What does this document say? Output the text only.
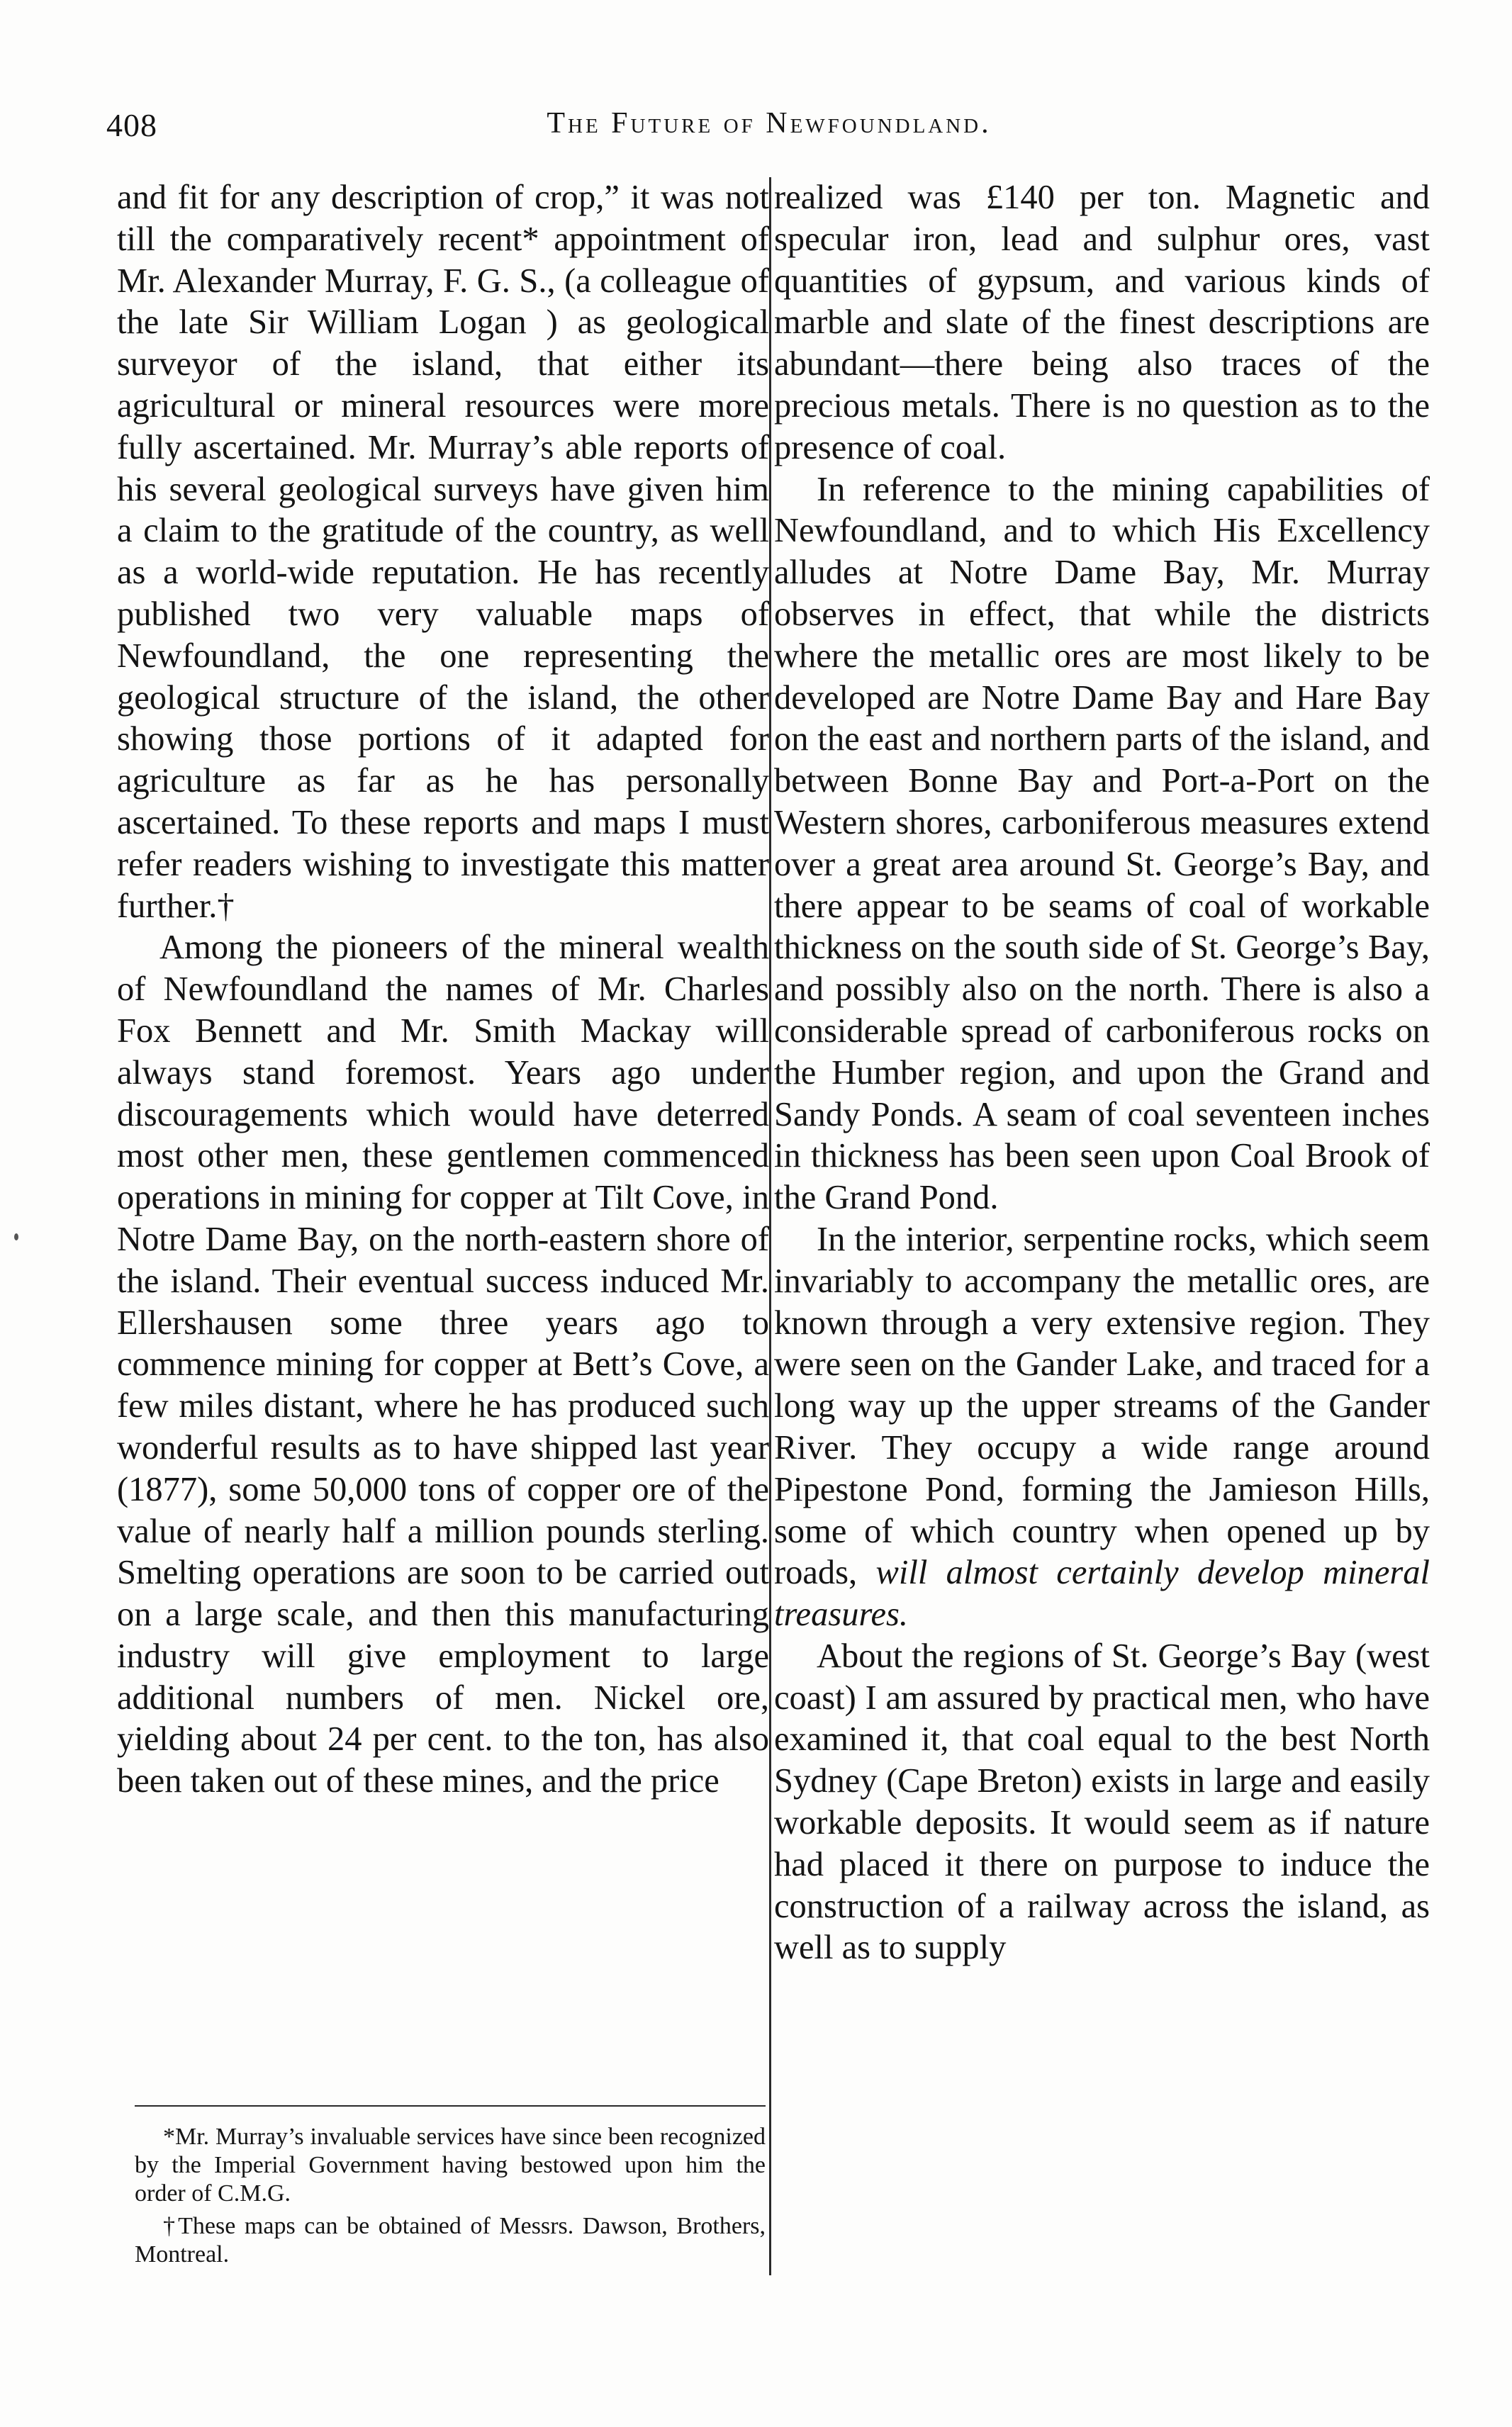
408	The Future of Newfoundland.

and fit for any description of crop,” it was not till the comparatively recent* appointment of Mr. Alexander Murray, F. G. S., (a colleague of the late Sir William Logan ) as geological surveyor of the island, that either its agricultural or mineral resources were more fully ascertained. Mr. Murray’s able reports of his several geological surveys have given him a claim to the gratitude of the country, as well as a world-wide reputation. He has recently published two very valuable maps of Newfoundland, the one representing the geological structure of the island, the other showing those portions of it adapted for agriculture as far as he has personally ascertained. To these reports and maps I must refer readers wishing to investigate this matter further.†

Among the pioneers of the mineral wealth of Newfoundland the names of Mr. Charles Fox Bennett and Mr. Smith Mackay will always stand foremost. Years ago under discouragements which would have deterred most other men, these gentlemen commenced operations in mining for copper at Tilt Cove, in Notre Dame Bay, on the north-eastern shore of the island. Their eventual success induced Mr. Ellershausen some three years ago to commence mining for copper at Bett’s Cove, a few miles distant, where he has produced such wonderful results as to have shipped last year (1877), some 50,000 tons of copper ore of the value of nearly half a million pounds sterling. Smelting operations are soon to be carried out on a large scale, and then this manufacturing industry will give employment to large additional numbers of men. Nickel ore, yielding about 24 per cent. to the ton, has also been taken out of these mines, and the price

realized was £140 per ton. Magnetic and specular iron, lead and sulphur ores, vast quantities of gypsum, and various kinds of marble and slate of the finest descriptions are abundant—there being also traces of the precious metals. There is no question as to the presence of coal.

In reference to the mining capabilities of Newfoundland, and to which His Excellency alludes at Notre Dame Bay, Mr. Murray observes in effect, that while the districts where the metallic ores are most likely to be developed are Notre Dame Bay and Hare Bay on the east and northern parts of the island, and between Bonne Bay and Port-a-Port on the Western shores, carboniferous measures extend over a great area around St. George’s Bay, and there appear to be seams of coal of workable thickness on the south side of St. George’s Bay, and possibly also on the north. There is also a considerable spread of carboniferous rocks on the Humber region, and upon the Grand and Sandy Ponds. A seam of coal seventeen inches in thickness has been seen upon Coal Brook of the Grand Pond.

In the interior, serpentine rocks, which seem invariably to accompany the metallic ores, are known through a very extensive region. They were seen on the Gander Lake, and traced for a long way up the upper streams of the Gander River. They occupy a wide range around Pipestone Pond, forming the Jamieson Hills, some of which country when opened up by roads, will almost certainly develop mineral treasures.

About the regions of St. George’s Bay (west coast) I am assured by practical men, who have examined it, that coal equal to the best North Sydney (Cape Breton) exists in large and easily workable deposits. It would seem as if nature had placed it there on purpose to induce the construction of a railway across the island, as well as to supply

*Mr. Murray’s invaluable services have since been recognized by the Imperial Government having bestowed upon him the order of C.M.G.

†These maps can be obtained of Messrs. Dawson, Brothers, Montreal.
